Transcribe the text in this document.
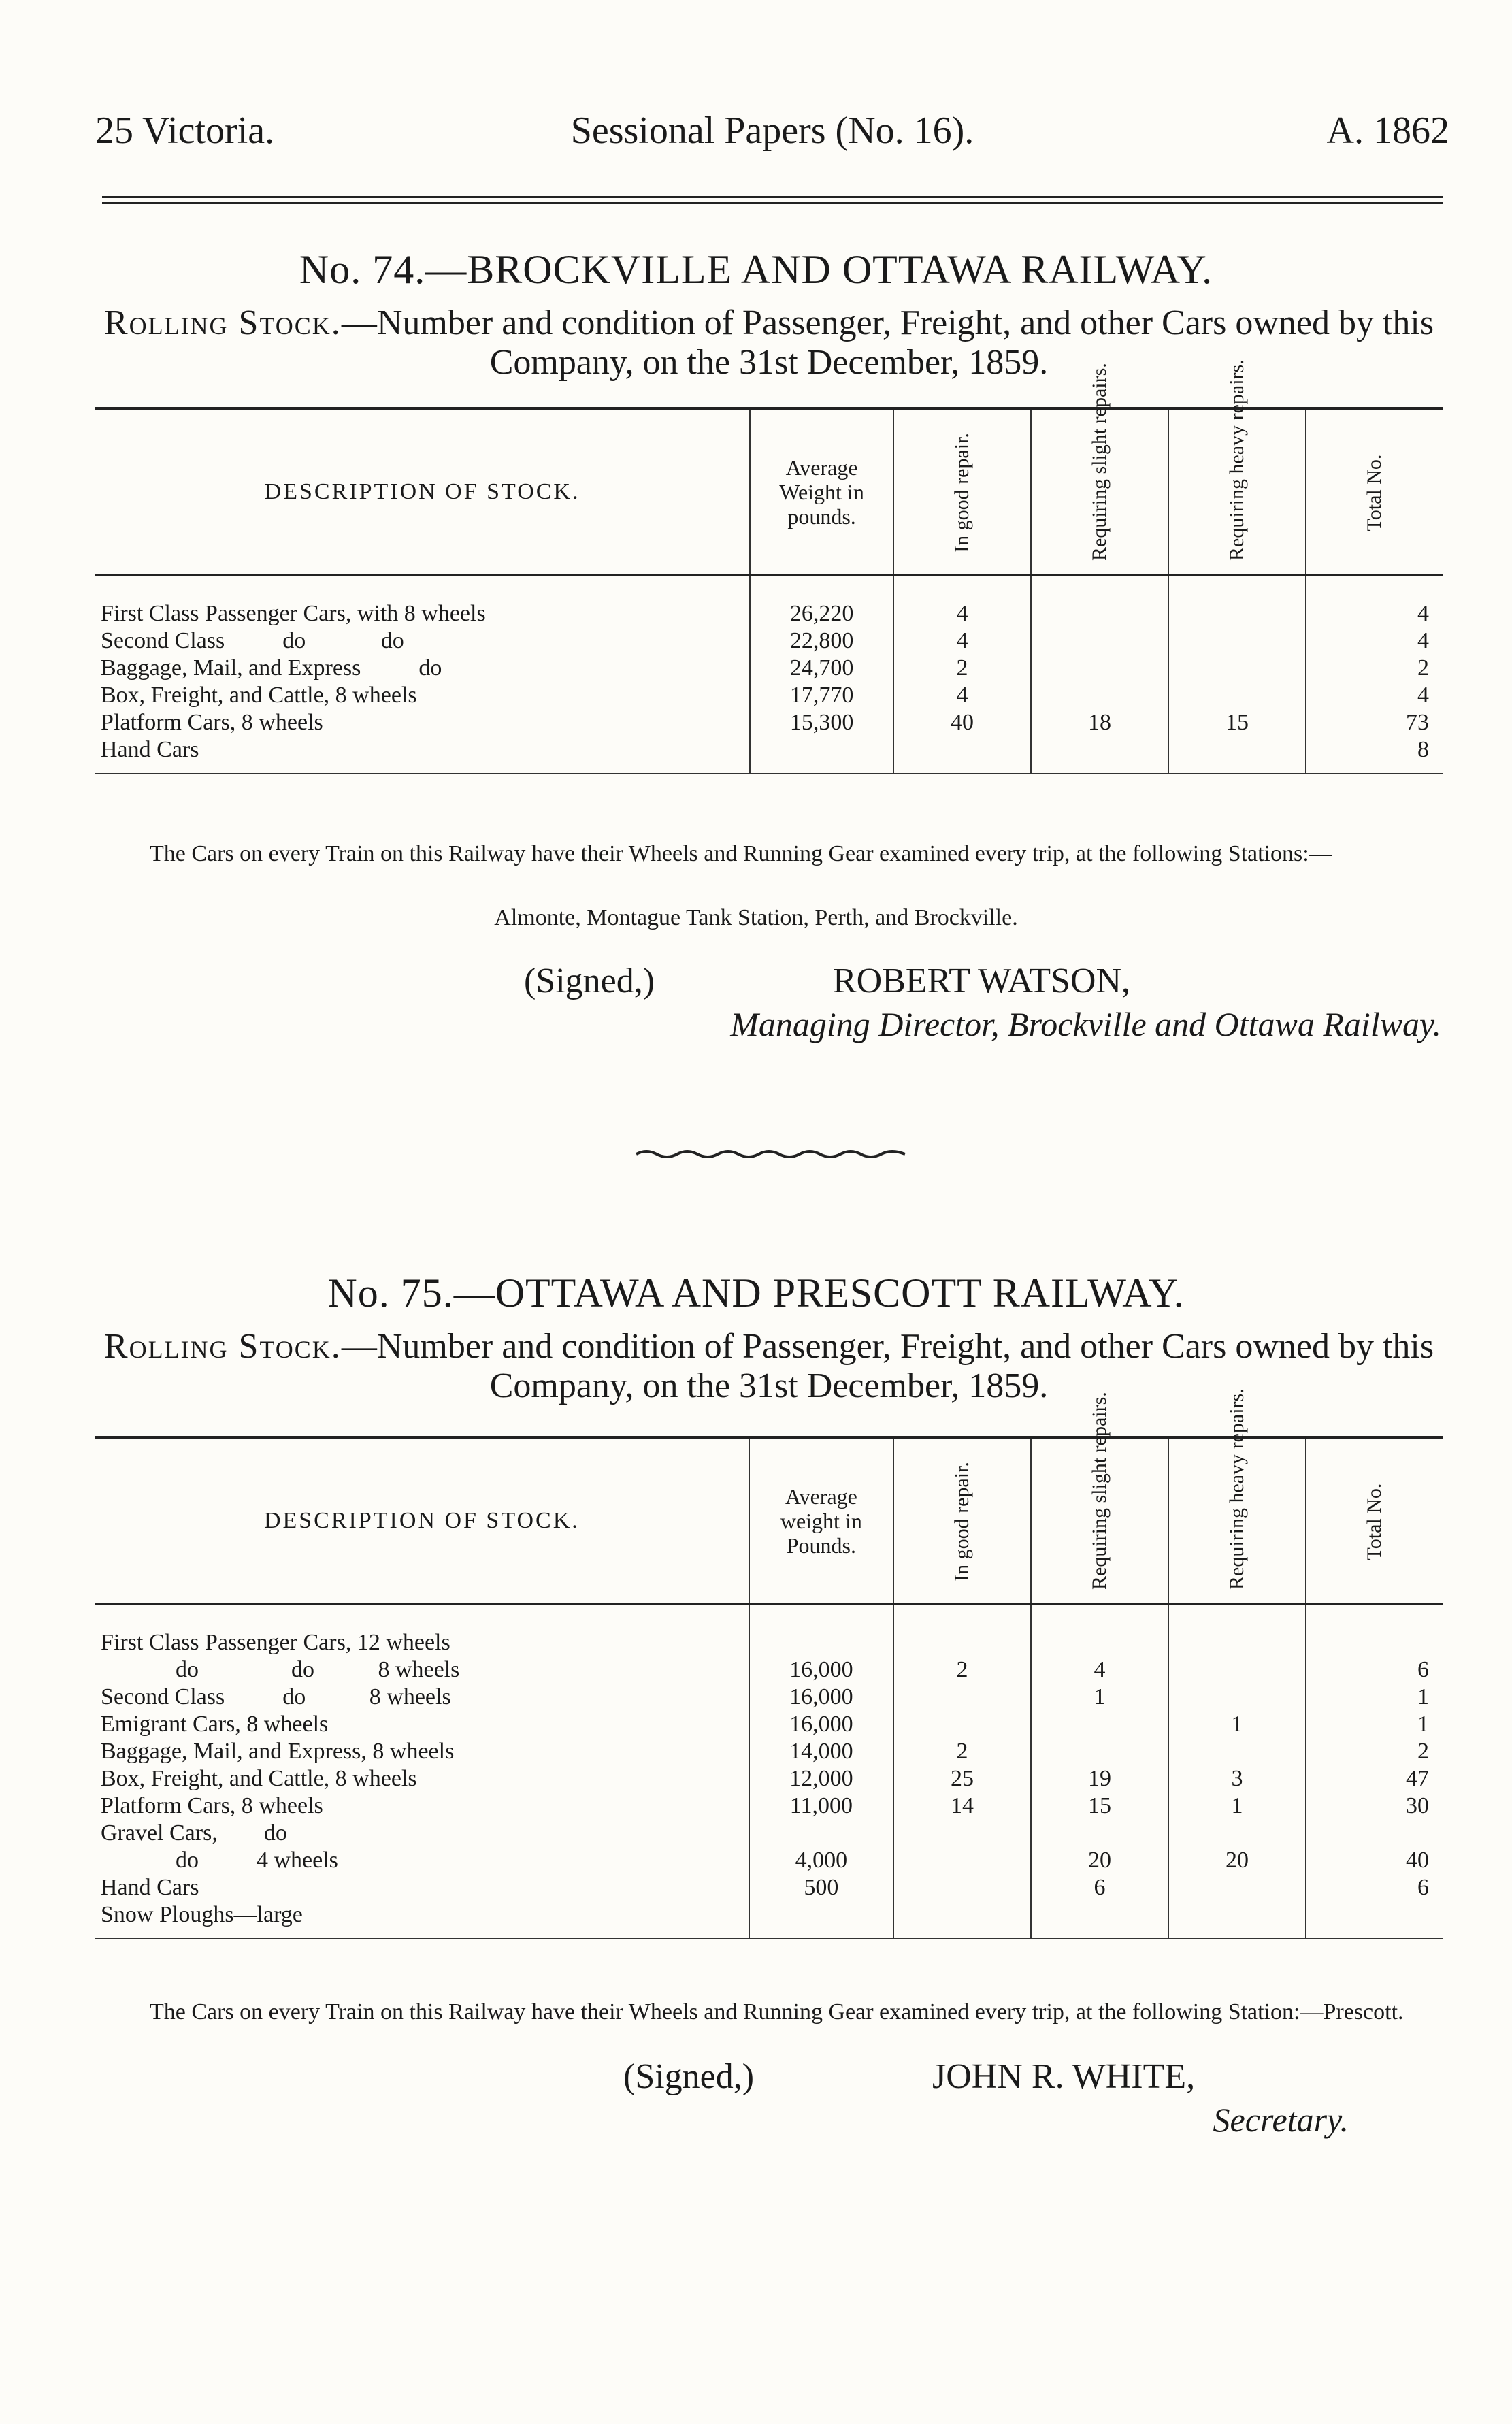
25 Victoria.	Sessional Papers (No. 16).	A. 1862
No. 74.—BROCKVILLE AND OTTAWA RAILWAY.
Rolling Stock.—Number and condition of Passenger, Freight, and other Cars owned by this Company, on the 31st December, 1859.
DESCRIPTION OF STOCK.	Average Weight in pounds.	In good repair.	Requiring slight repairs.	Requiring heavy repairs.	Total No.
First Class Passenger Cars, with 8 wheels	26,220	4			4
Second Class          do             do	22,800	4			4
Baggage, Mail, and Express          do	24,700	2			2
Box, Freight, and Cattle, 8 wheels	17,770	4			4
Platform Cars, 8 wheels	15,300	40	18	15	73
Hand Cars					8

The Cars on every Train on this Railway have their Wheels and Running Gear examined every trip, at the following Stations:—
Almonte, Montague Tank Station, Perth, and Brockville.
(Signed,)	ROBERT WATSON,
Managing Director, Brockville and Ottawa Railway.
No. 75.—OTTAWA AND PRESCOTT RAILWAY.
Rolling Stock.—Number and condition of Passenger, Freight, and other Cars owned by this Company, on the 31st December, 1859.
DESCRIPTION OF STOCK.	Average weight in Pounds.	In good repair.	Requiring slight repairs.	Requiring heavy repairs.	Total No.
First Class Passenger Cars, 12 wheels					
do                do           8 wheels	16,000	2	4		6
Second Class          do           8 wheels	16,000		1		1
Emigrant Cars, 8 wheels	16,000			1	1
Baggage, Mail, and Express, 8 wheels	14,000	2			2
Box, Freight, and Cattle, 8 wheels	12,000	25	19	3	47
Platform Cars, 8 wheels	11,000	14	15	1	30
Gravel Cars,        do					
do          4 wheels	4,000		20	20	40
Hand Cars	500		6		6
Snow Ploughs—large					

The Cars on every Train on this Railway have their Wheels and Running Gear examined every trip, at the following Station:—Prescott.
(Signed,)	JOHN R. WHITE,
Secretary.
